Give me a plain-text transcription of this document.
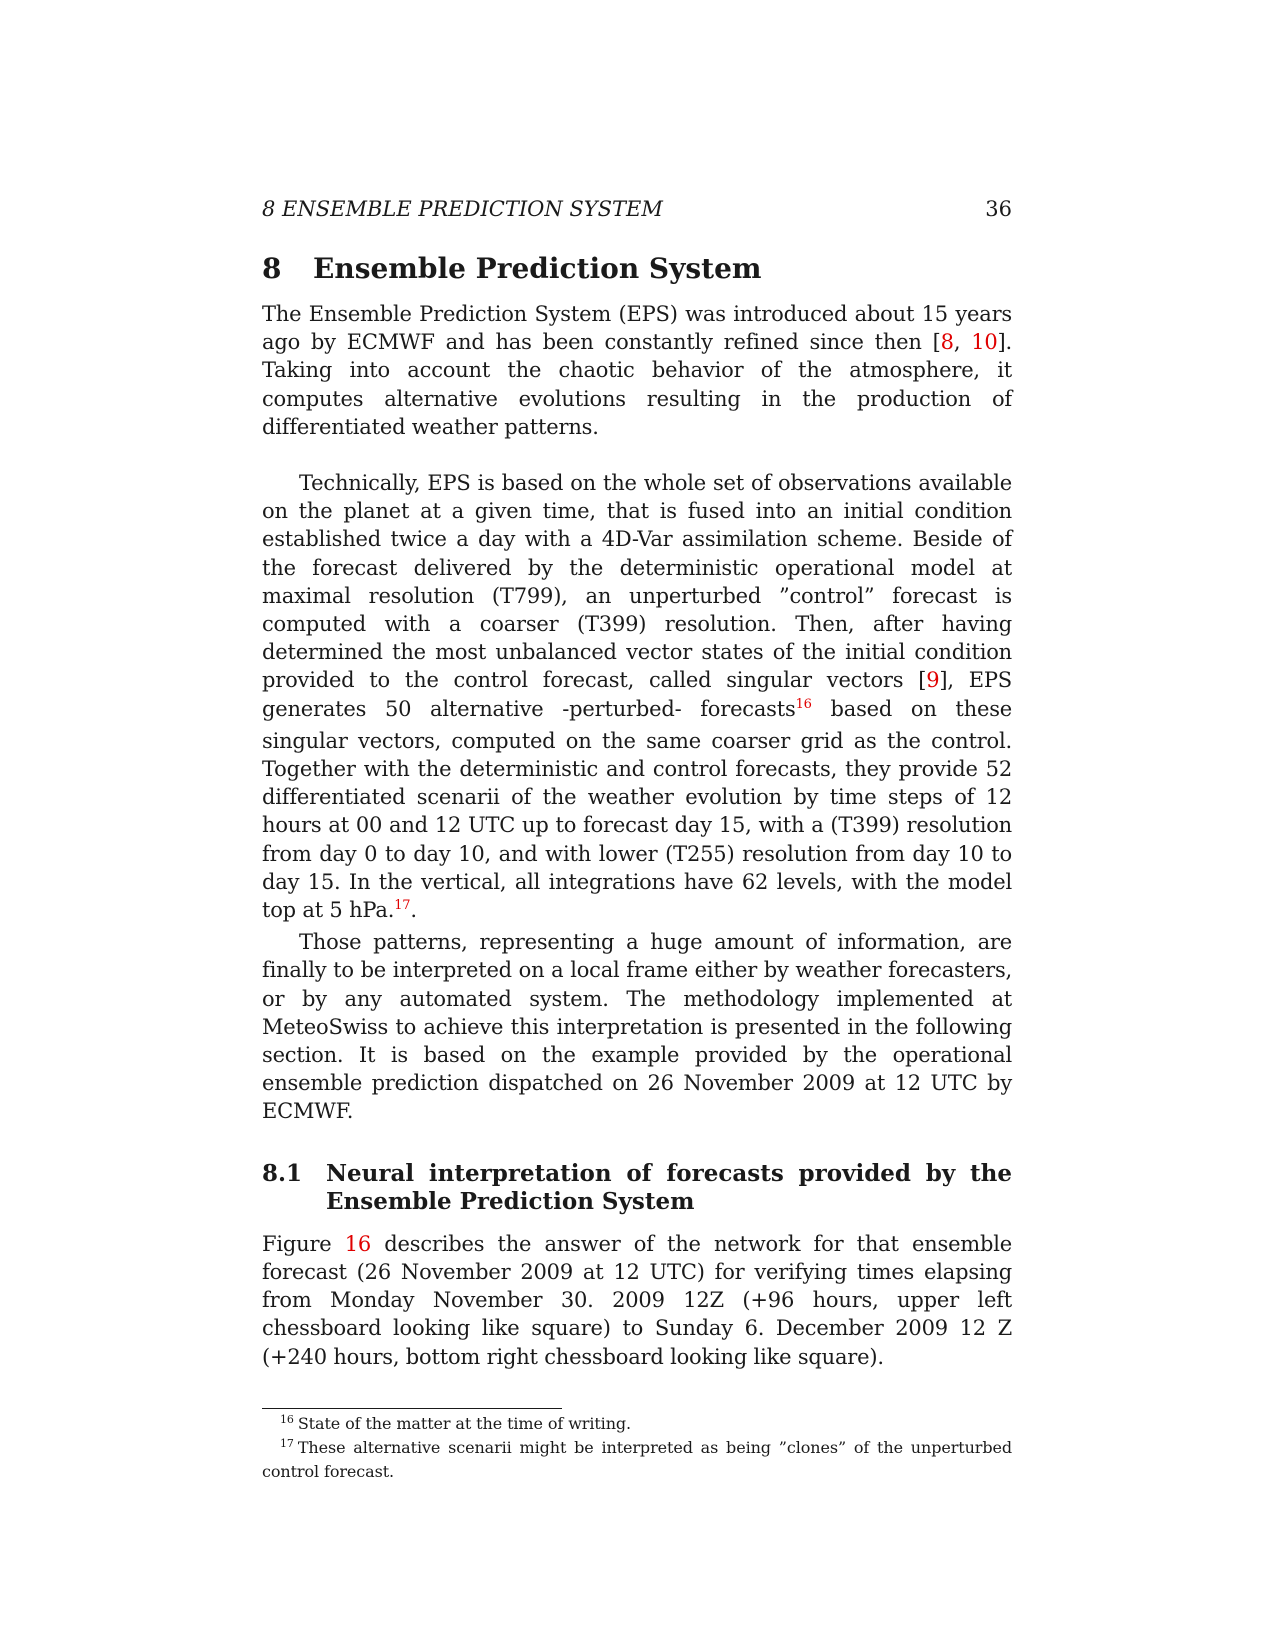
8 ENSEMBLE PREDICTION SYSTEM	36
8	Ensemble Prediction System

The Ensemble Prediction System (EPS) was introduced about 15 years ago by ECMWF and has been constantly refined since then [8, 10]. Taking into account the chaotic behavior of the atmosphere, it computes alternative evolutions resulting in the production of differentiated weather patterns.

Technically, EPS is based on the whole set of observations available on the planet at a given time, that is fused into an initial condition established twice a day with a 4D-Var assimilation scheme. Beside of the forecast delivered by the deterministic operational model at maximal resolution (T799), an unperturbed ”control” forecast is computed with a coarser (T399) resolution. Then, after having determined the most unbalanced vector states of the initial condition provided to the control forecast, called singular vectors [9], EPS generates 50 alternative -perturbed- forecasts$^{16}$ based on these singular vectors, computed on the same coarser grid as the control. Together with the deterministic and control forecasts, they provide 52 differentiated scenarii of the weather evolution by time steps of 12 hours at 00 and 12 UTC up to forecast day 15, with a (T399) resolution from day 0 to day 10, and with lower (T255) resolution from day 10 to day 15. In the vertical, all integrations have 62 levels, with the model top at 5 hPa.$^{17}$.

Those patterns, representing a huge amount of information, are finally to be interpreted on a local frame either by weather forecasters, or by any automated system. The methodology implemented at MeteoSwiss to achieve this interpretation is presented in the following section. It is based on the example provided by the operational ensemble prediction dispatched on 26 November 2009 at 12 UTC by ECMWF.

8.1	Neural interpretation of forecasts provided by the Ensemble Prediction System

Figure 16 describes the answer of the network for that ensemble forecast (26 November 2009 at 12 UTC) for verifying times elapsing from Monday November 30. 2009 12Z (+96 hours, upper left chessboard looking like square) to Sunday 6. December 2009 12 Z (+240 hours, bottom right chessboard looking like square).

$^{16}$ State of the matter at the time of writing.

$^{17}$ These alternative scenarii might be interpreted as being ”clones” of the unperturbed control forecast.
